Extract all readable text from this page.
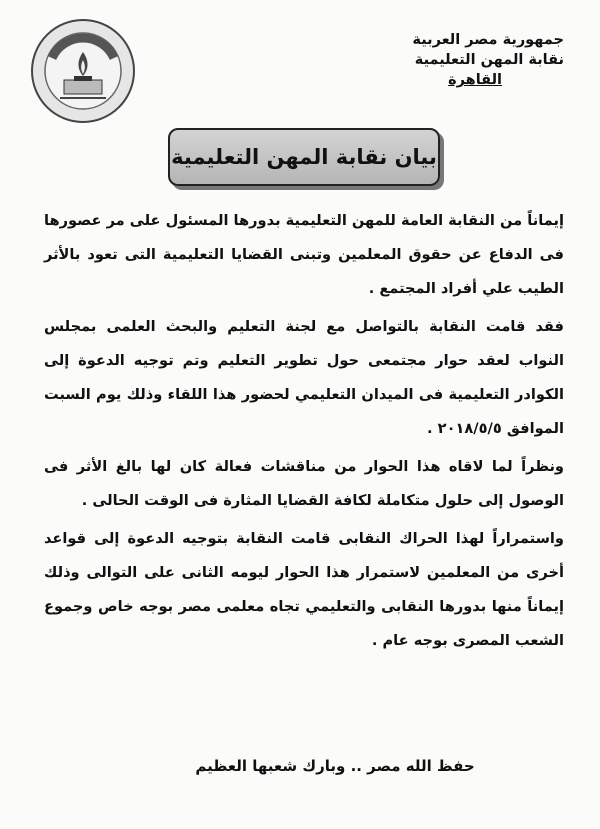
جمهورية مصر العربية
نقابة المهن التعليمية
القاهرة
بيان نقابة المهن التعليمية

إيماناً من النقابة العامة للمهن التعليمية بدورها المسئول على مر عصورها فى الدفاع عن حقوق المعلمين وتبنى القضايا التعليمية التى تعود بالأثر الطيب علي أفراد المجتمع .

فقد قامت النقابة بالتواصل مع لجنة التعليم والبحث العلمى بمجلس النواب لعقد حوار مجتمعى حول تطوير التعليم وتم توجيه الدعوة إلى الكوادر التعليمية فى الميدان التعليمي لحضور هذا اللقاء وذلك يوم السبت الموافق ٢٠١٨/٥/٥ .

ونظراً لما لاقاه هذا الحوار من مناقشات فعالة كان لها بالغ الأثر فى الوصول إلى حلول متكاملة لكافة القضايا المثارة فى الوقت الحالى .

واستمراراً لهذا الحراك النقابى قامت النقابة بتوجيه الدعوة إلى قواعد أخرى من المعلمين لاستمرار هذا الحوار ليومه الثانى على التوالى وذلك إيماناً منها بدورها النقابى والتعليمي تجاه معلمى مصر بوجه خاص وجموع الشعب المصرى بوجه عام .

حفظ الله مصر .. وبارك شعبها العظيم
